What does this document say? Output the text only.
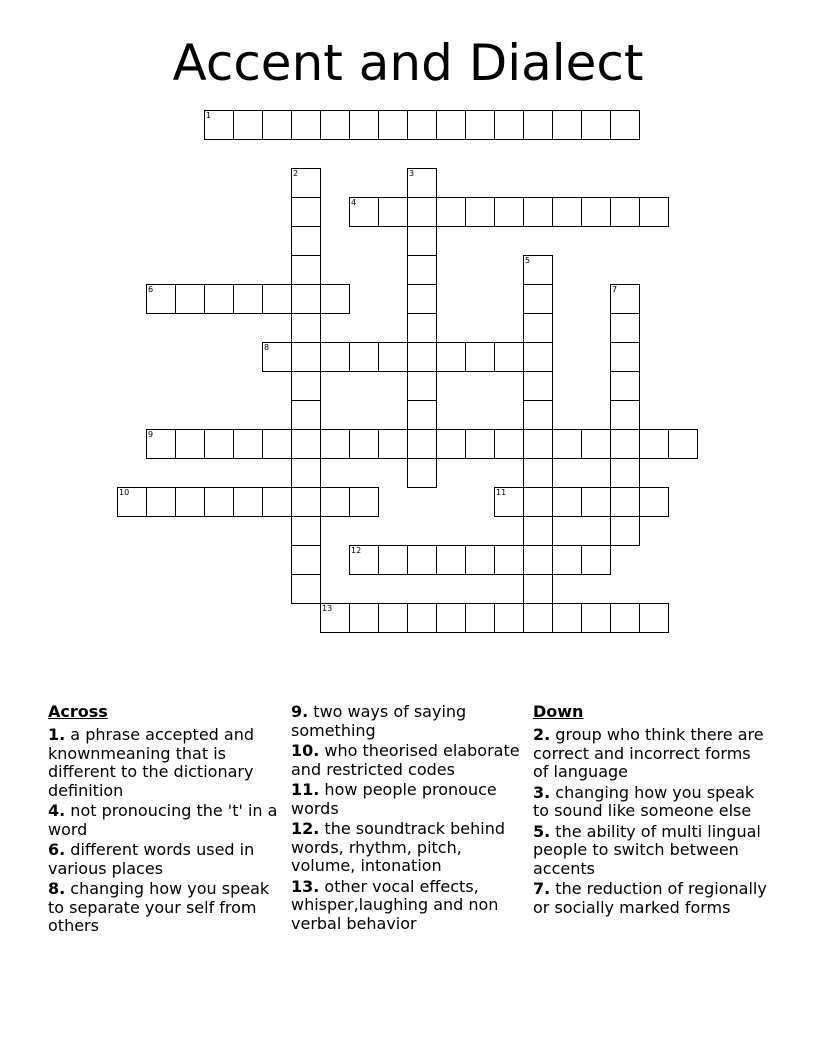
Accent and Dialect
1
2	3
4
5
6	7
8
9
10	11
12
13
Across
1. a phrase accepted and knownmeaning that is different to the dictionary definition
4. not pronoucing the 't' in a word
6. different words used in various places
8. changing how you speak to separate your self from others
9. two ways of saying something
10. who theorised elaborate and restricted codes
11. how people pronouce words
12. the soundtrack behind words, rhythm, pitch, volume, intonation
13. other vocal effects, whisper,laughing and non verbal behavior
Down
2. group who think there are correct and incorrect forms of language
3. changing how you speak to sound like someone else
5. the ability of multi lingual people to switch between accents
7. the reduction of regionally or socially marked forms
